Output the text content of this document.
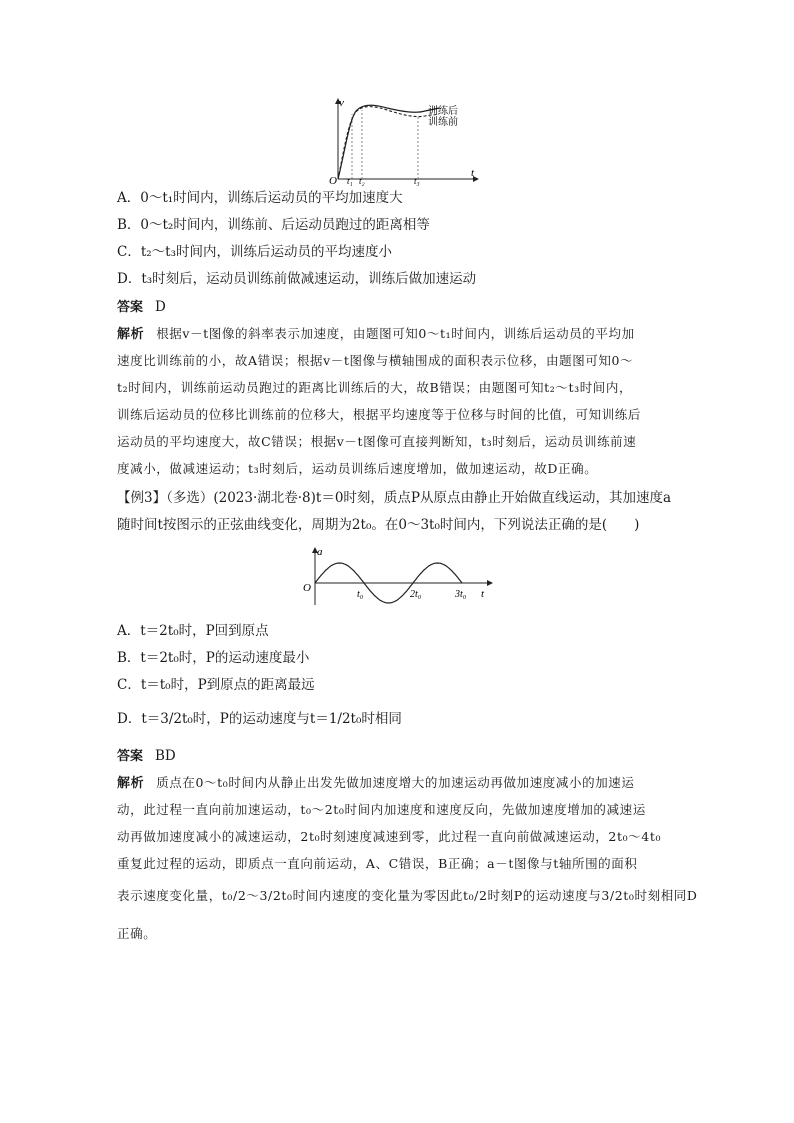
v
t
O t₁ t₂	t₃
训练后
训练前
A．0～t₁时间内，训练后运动员的平均加速度大
B．0～t₂时间内，训练前、后运动员跑过的距离相等
C．t₂～t₃时间内，训练后运动员的平均速度小
D．t₃时刻后，运动员训练前做减速运动，训练后做加速运动
答案 D
解析 根据v－t图像的斜率表示加速度，由题图可知0～t₁时间内，训练后运动员的平均加
速度比训练前的小，故A错误；根据v－t图像与横轴围成的面积表示位移，由题图可知0～
t₂时间内，训练前运动员跑过的距离比训练后的大，故B错误；由题图可知t₂～t₃时间内，
训练后运动员的位移比训练前的位移大，根据平均速度等于位移与时间的比值，可知训练后
运动员的平均速度大，故C错误；根据v－t图像可直接判断知，t₃时刻后，运动员训练前速
度减小，做减速运动；t₃时刻后，运动员训练后速度增加，做加速运动，故D正确。
【例3】（多选）(2023·湖北卷·8)t＝0时刻，质点P从原点由静止开始做直线运动，其加速度a
随时间t按图示的正弦曲线变化，周期为2t₀。在0～3t₀时间内，下列说法正确的是(　　)
a
t
O
t₀	2t₀	3t₀
A．t＝2t₀时，P回到原点
B．t＝2t₀时，P的运动速度最小
C．t＝t₀时，P到原点的距离最远
D．t＝3/2t₀时，P的运动速度与t＝1/2t₀时相同
答案 BD
解析 质点在0～t₀时间内从静止出发先做加速度增大的加速运动再做加速度减小的加速运
动，此过程一直向前加速运动，t₀～2t₀时间内加速度和速度反向，先做加速度增加的减速运
动再做加速度减小的减速运动，2t₀时刻速度减速到零，此过程一直向前做减速运动，2t₀～4t₀
重复此过程的运动，即质点一直向前运动，A、C错误，B正确；a－t图像与t轴所围的面积
表示速度变化量，t₀/2～3/2t₀时间内速度的变化量为零因此t₀/2时刻P的运动速度与3/2t₀时刻相同D
正确。
